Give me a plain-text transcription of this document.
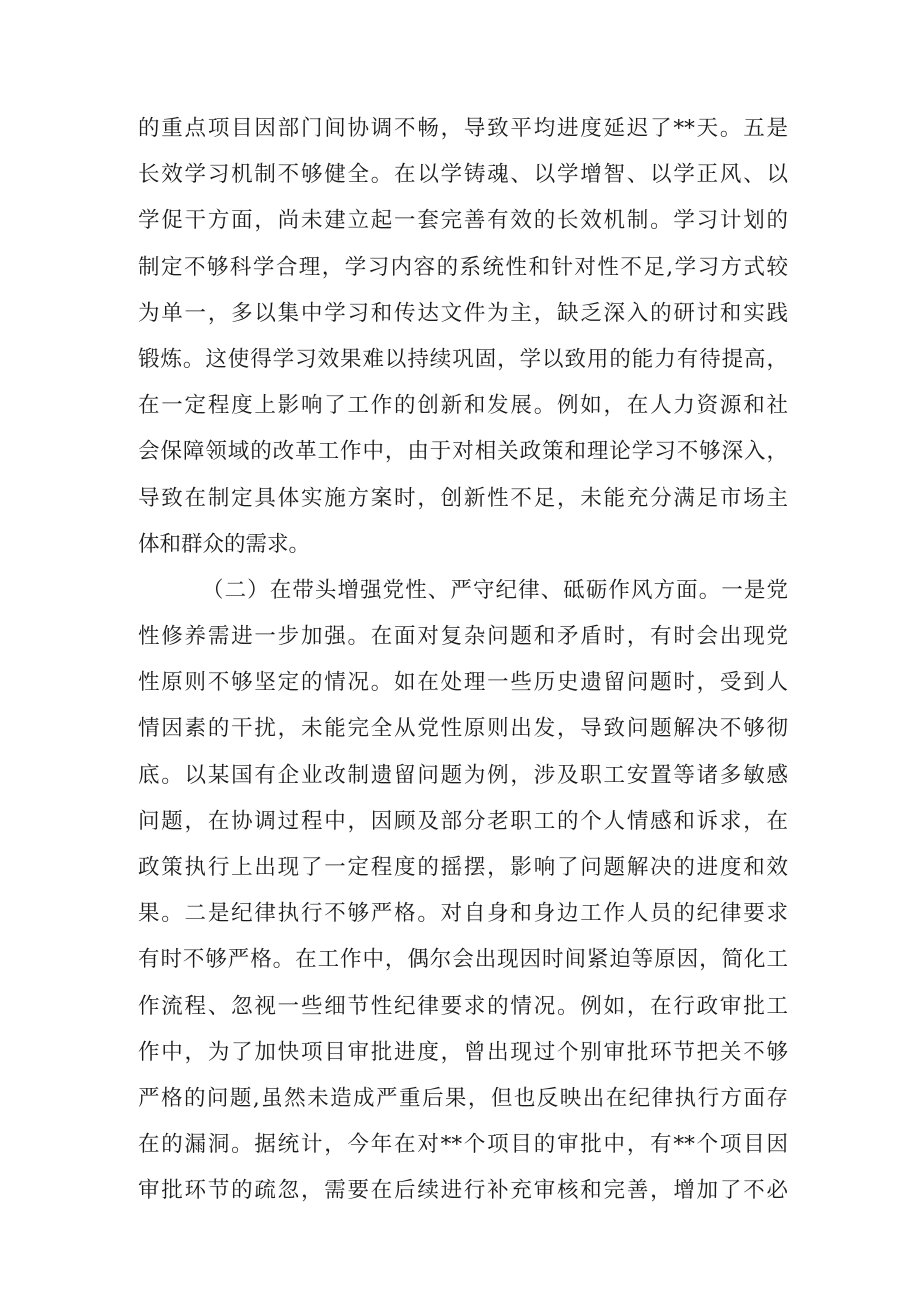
的重点项目因部门间协调不畅，导致平均进度延迟了**天。五是
长效学习机制不够健全。在以学铸魂、以学增智、以学正风、以
学促干方面，尚未建立起一套完善有效的长效机制。学习计划的
制定不够科学合理，学习内容的系统性和针对性不足,学习方式较
为单一，多以集中学习和传达文件为主，缺乏深入的研讨和实践
锻炼。这使得学习效果难以持续巩固，学以致用的能力有待提高，
在一定程度上影响了工作的创新和发展。例如，在人力资源和社
会保障领域的改革工作中，由于对相关政策和理论学习不够深入，
导致在制定具体实施方案时，创新性不足，未能充分满足市场主
体和群众的需求。
（二）在带头增强党性、严守纪律、砥砺作风方面。一是党
性修养需进一步加强。在面对复杂问题和矛盾时，有时会出现党
性原则不够坚定的情况。如在处理一些历史遗留问题时，受到人
情因素的干扰，未能完全从党性原则出发，导致问题解决不够彻
底。以某国有企业改制遗留问题为例，涉及职工安置等诸多敏感
问题，在协调过程中，因顾及部分老职工的个人情感和诉求，在
政策执行上出现了一定程度的摇摆，影响了问题解决的进度和效
果。二是纪律执行不够严格。对自身和身边工作人员的纪律要求
有时不够严格。在工作中，偶尔会出现因时间紧迫等原因，简化工
作流程、忽视一些细节性纪律要求的情况。例如，在行政审批工
作中，为了加快项目审批进度，曾出现过个别审批环节把关不够
严格的问题,虽然未造成严重后果，但也反映出在纪律执行方面存
在的漏洞。据统计，今年在对**个项目的审批中，有**个项目因
审批环节的疏忽，需要在后续进行补充审核和完善，增加了不必
